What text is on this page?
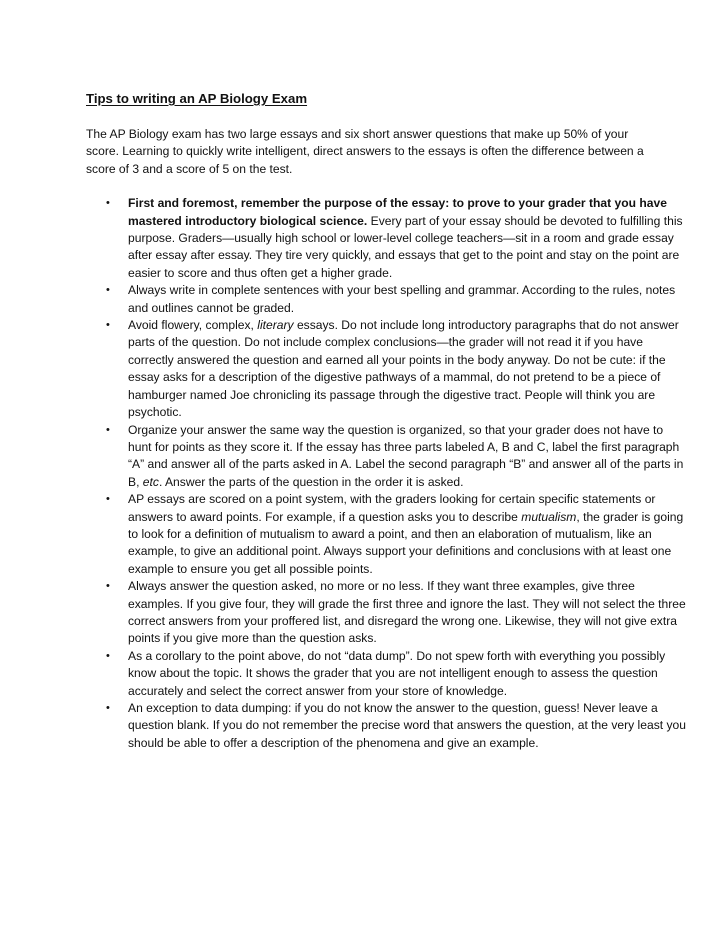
Tips to writing an AP Biology Exam

The AP Biology exam has two large essays and six short answer questions that make up 50% of your score. Learning to quickly write intelligent, direct answers to the essays is often the difference between a score of 3 and a score of 5 on the test.

•	First and foremost, remember the purpose of the essay: to prove to your grader that you have mastered introductory biological science. Every part of your essay should be devoted to fulfilling this purpose. Graders—usually high school or lower-level college teachers—sit in a room and grade essay after essay after essay. They tire very quickly, and essays that get to the point and stay on the point are easier to score and thus often get a higher grade.
•	Always write in complete sentences with your best spelling and grammar. According to the rules, notes and outlines cannot be graded.
•	Avoid flowery, complex, literary essays. Do not include long introductory paragraphs that do not answer parts of the question. Do not include complex conclusions—the grader will not read it if you have correctly answered the question and earned all your points in the body anyway. Do not be cute: if the essay asks for a description of the digestive pathways of a mammal, do not pretend to be a piece of hamburger named Joe chronicling its passage through the digestive tract. People will think you are psychotic.
•	Organize your answer the same way the question is organized, so that your grader does not have to hunt for points as they score it. If the essay has three parts labeled A, B and C, label the first paragraph “A” and answer all of the parts asked in A. Label the second paragraph “B” and answer all of the parts in B, etc. Answer the parts of the question in the order it is asked.
•	AP essays are scored on a point system, with the graders looking for certain specific statements or answers to award points. For example, if a question asks you to describe mutualism, the grader is going to look for a definition of mutualism to award a point, and then an elaboration of mutualism, like an example, to give an additional point. Always support your definitions and conclusions with at least one example to ensure you get all possible points.
•	Always answer the question asked, no more or no less. If they want three examples, give three examples. If you give four, they will grade the first three and ignore the last. They will not select the three correct answers from your proffered list, and disregard the wrong one. Likewise, they will not give extra points if you give more than the question asks.
•	As a corollary to the point above, do not “data dump”. Do not spew forth with everything you possibly know about the topic. It shows the grader that you are not intelligent enough to assess the question accurately and select the correct answer from your store of knowledge.
•	An exception to data dumping: if you do not know the answer to the question, guess! Never leave a question blank. If you do not remember the precise word that answers the question, at the very least you should be able to offer a description of the phenomena and give an example.
